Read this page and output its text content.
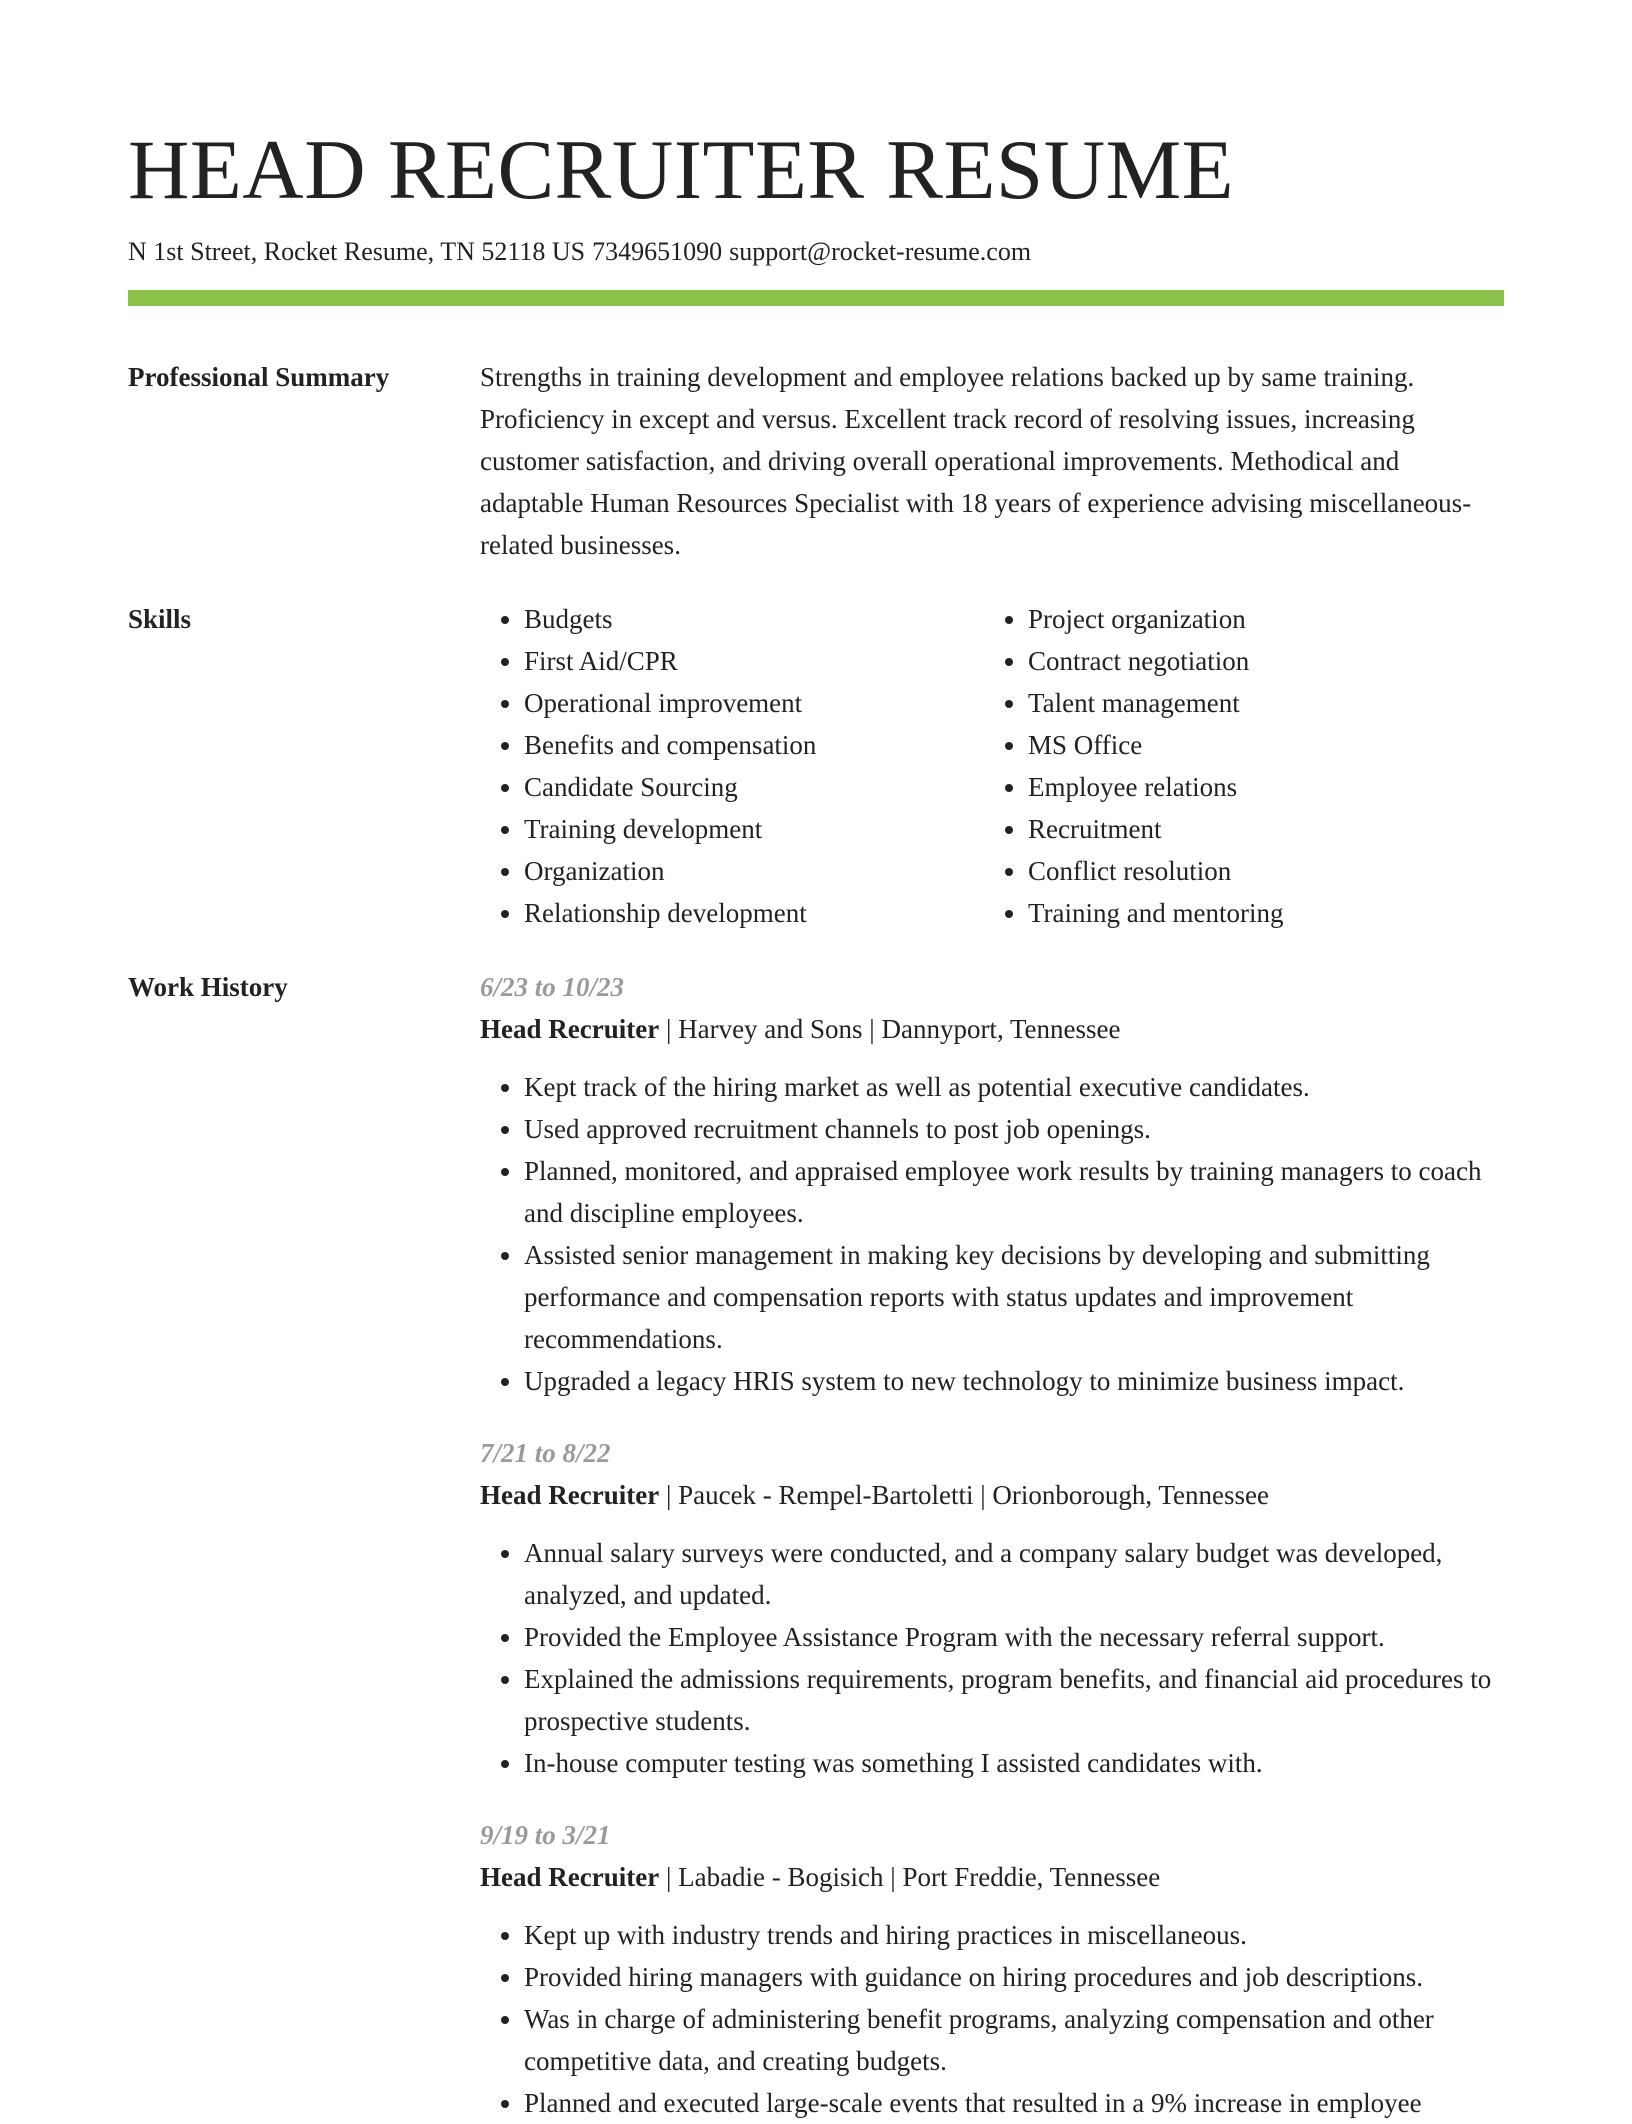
HEAD RECRUITER RESUME
N 1st Street, Rocket Resume, TN 52118 US 7349651090 support@rocket-resume.com
Professional Summary	Strengths in training development and employee relations backed up by same training. Proficiency in except and versus. Excellent track record of resolving issues, increasing customer satisfaction, and driving overall operational improvements. Methodical and adaptable Human Resources Specialist with 18 years of experience advising miscellaneous-related businesses.
Skills
•	Budgets
• First Aid/CPR
• Operational improvement
• Benefits and compensation
• Candidate Sourcing
• Training development
• Organization
• Relationship development
• Project organization
• Contract negotiation
• Talent management
• MS Office
• Employee relations
• Recruitment
• Conflict resolution
• Training and mentoring
Work History	6/23 to 10/23
Head Recruiter | Harvey and Sons | Dannyport, Tennessee
• Kept track of the hiring market as well as potential executive candidates.
• Used approved recruitment channels to post job openings.
• Planned, monitored, and appraised employee work results by training managers to coach and discipline employees.
• Assisted senior management in making key decisions by developing and submitting performance and compensation reports with status updates and improvement recommendations.
• Upgraded a legacy HRIS system to new technology to minimize business impact.
7/21 to 8/22
Head Recruiter | Paucek - Rempel-Bartoletti | Orionborough, Tennessee
• Annual salary surveys were conducted, and a company salary budget was developed, analyzed, and updated.
• Provided the Employee Assistance Program with the necessary referral support.
• Explained the admissions requirements, program benefits, and financial aid procedures to prospective students.
• In-house computer testing was something I assisted candidates with.
9/19 to 3/21
Head Recruiter | Labadie - Bogisich | Port Freddie, Tennessee
• Kept up with industry trends and hiring practices in miscellaneous.
• Provided hiring managers with guidance on hiring procedures and job descriptions.
• Was in charge of administering benefit programs, analyzing compensation and other competitive data, and creating budgets.
• Planned and executed large-scale events that resulted in a 9% increase in employee
